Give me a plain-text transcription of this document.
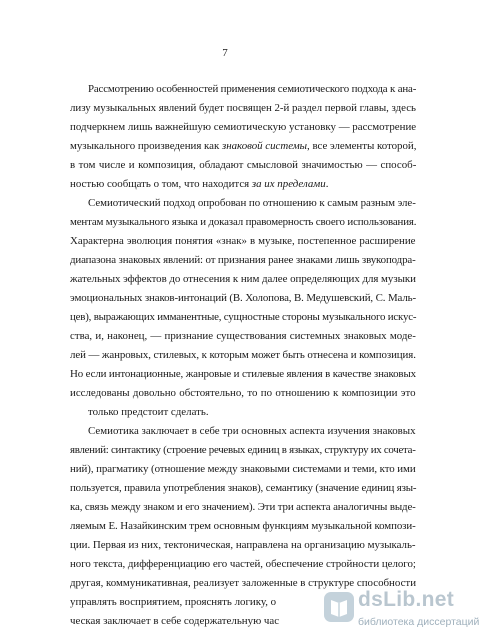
7
Рассмотрению особенностей применения семиотического подхода к ана-
лизу музыкальных явлений будет посвящен 2-й раздел первой главы, здесь
подчеркнем лишь важнейшую семиотическую установку — рассмотрение
музыкального произведения как знаковой системы, все элементы которой,
в том числе и композиция, обладают смысловой значимостью — способ-
ностью сообщать о том, что находится за их пределами.
Семиотический подход опробован по отношению к самым разным эле-
ментам музыкального языка и доказал правомерность своего использования.
Характерна эволюция понятия «знак» в музыке, постепенное расширение
диапазона знаковых явлений: от признания ранее знаками лишь звукоподра-
жательных эффектов до отнесения к ним далее определяющих для музыки
эмоциональных знаков-интонаций (В. Холопова, В. Медушевский, С. Маль-
цев), выражающих имманентные, сущностные стороны музыкального искус-
ства, и, наконец, — признание существования системных знаковых моде-
лей — жанровых, стилевых, к которым может быть отнесена и композиция.
Но если интонационные, жанровые и стилевые явления в качестве знаковых
исследованы довольно обстоятельно, то по отношению к композиции это
только предстоит сделать.
Семиотика заключает в себе три основных аспекта изучения знаковых
явлений: синтактику (строение речевых единиц в языках, структуру их сочета-
ний), прагматику (отношение между знаковыми системами и теми, кто ими
пользуется, правила употребления знаков), семантику (значение единиц язы-
ка, связь между знаком и его значением). Эти три аспекта аналогичны выде-
ляемым Е. Назайкинским трем основным функциям музыкальной компози-
ции. Первая из них, тектоническая, направлена на организацию музыкаль-
ного текста, дифференциацию его частей, обеспечение стройности целого;
другая, коммуникативная, реализует заложенные в структуре способности
управлять восприятием, прояснять логику, о
ческая заключает в себе содержательную час
dsLib.net
библиотека диссертаций
